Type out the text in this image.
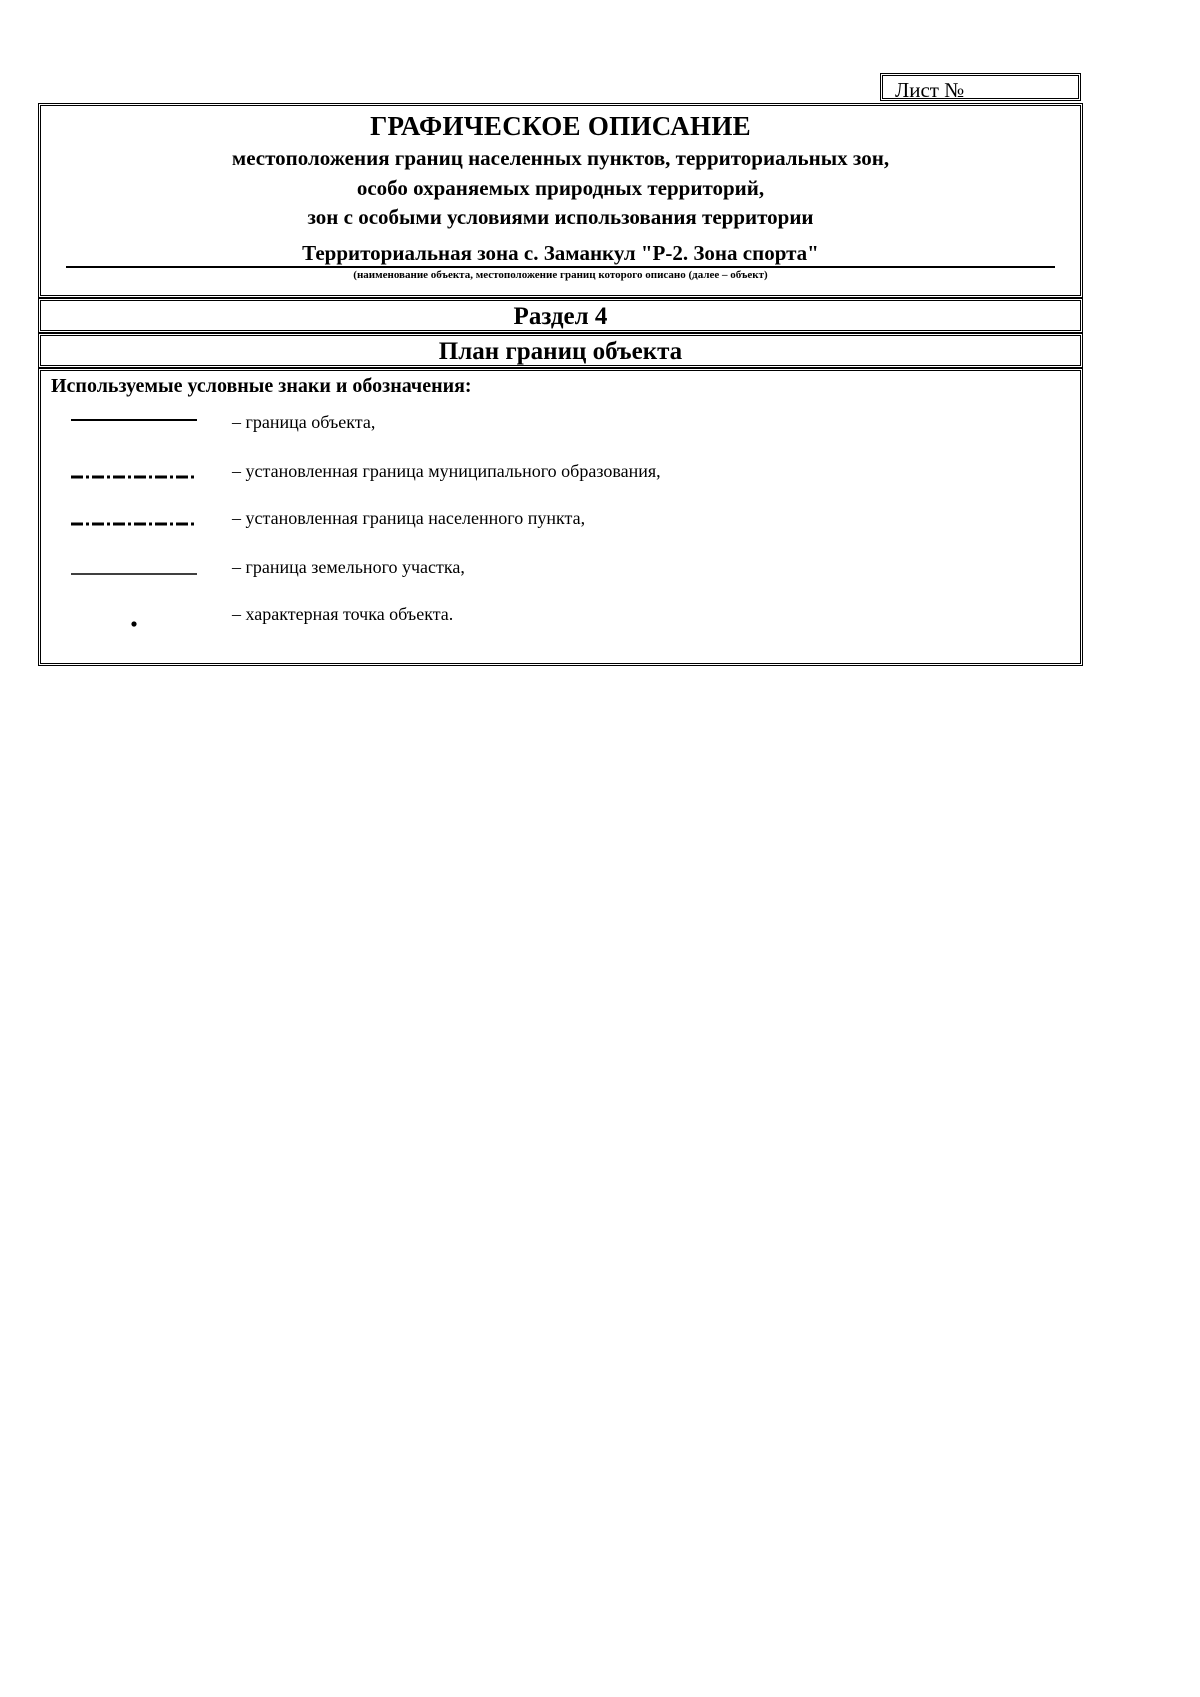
Лист №
ГРАФИЧЕСКОЕ ОПИСАНИЕ
местоположения границ населенных пунктов, территориальных зон,
особо охраняемых природных территорий,
зон с особыми условиями использования территории
Территориальная зона с. Заманкул "Р-2. Зона спорта"
(наименование объекта, местоположение границ которого описано (далее – объект)
Раздел 4
План границ объекта
Используемые условные знаки и обозначения:
– граница объекта,
– установленная граница муниципального образования,
– установленная граница населенного пункта,
– граница земельного участка,
– характерная точка объекта.
